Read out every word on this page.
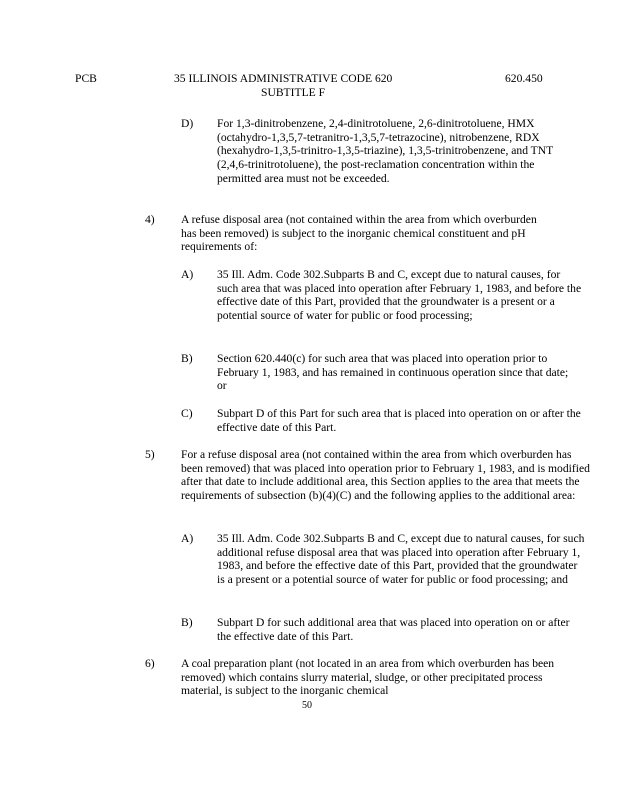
PCB	35 ILLINOIS ADMINISTRATIVE CODE 620
SUBTITLE F
620.450
D) For 1,3-dinitrobenzene, 2,4-dinitrotoluene, 2,6-dinitrotoluene, HMX (octahydro-1,3,5,7-tetranitro-1,3,5,7-tetrazocine), nitrobenzene, RDX (hexahydro-1,3,5-trinitro-1,3,5-triazine), 1,3,5-trinitrobenzene, and TNT (2,4,6-trinitrotoluene), the post-reclamation concentration within the permitted area must not be exceeded.
4) A refuse disposal area (not contained within the area from which overburden has been removed) is subject to the inorganic chemical constituent and pH requirements of:
A) 35 Ill. Adm. Code 302.Subparts B and C, except due to natural causes, for such area that was placed into operation after February 1, 1983, and before the effective date of this Part, provided that the groundwater is a present or a potential source of water for public or food processing;
B) Section 620.440(c) for such area that was placed into operation prior to February 1, 1983, and has remained in continuous operation since that date; or
C) Subpart D of this Part for such area that is placed into operation on or after the effective date of this Part.
5) For a refuse disposal area (not contained within the area from which overburden has been removed) that was placed into operation prior to February 1, 1983, and is modified after that date to include additional area, this Section applies to the area that meets the requirements of subsection (b)(4)(C) and the following applies to the additional area:
A) 35 Ill. Adm. Code 302.Subparts B and C, except due to natural causes, for such additional refuse disposal area that was placed into operation after February 1, 1983, and before the effective date of this Part, provided that the groundwater is a present or a potential source of water for public or food processing; and
B) Subpart D for such additional area that was placed into operation on or after the effective date of this Part.
6) A coal preparation plant (not located in an area from which overburden has been removed) which contains slurry material, sludge, or other precipitated process material, is subject to the inorganic chemical
50
